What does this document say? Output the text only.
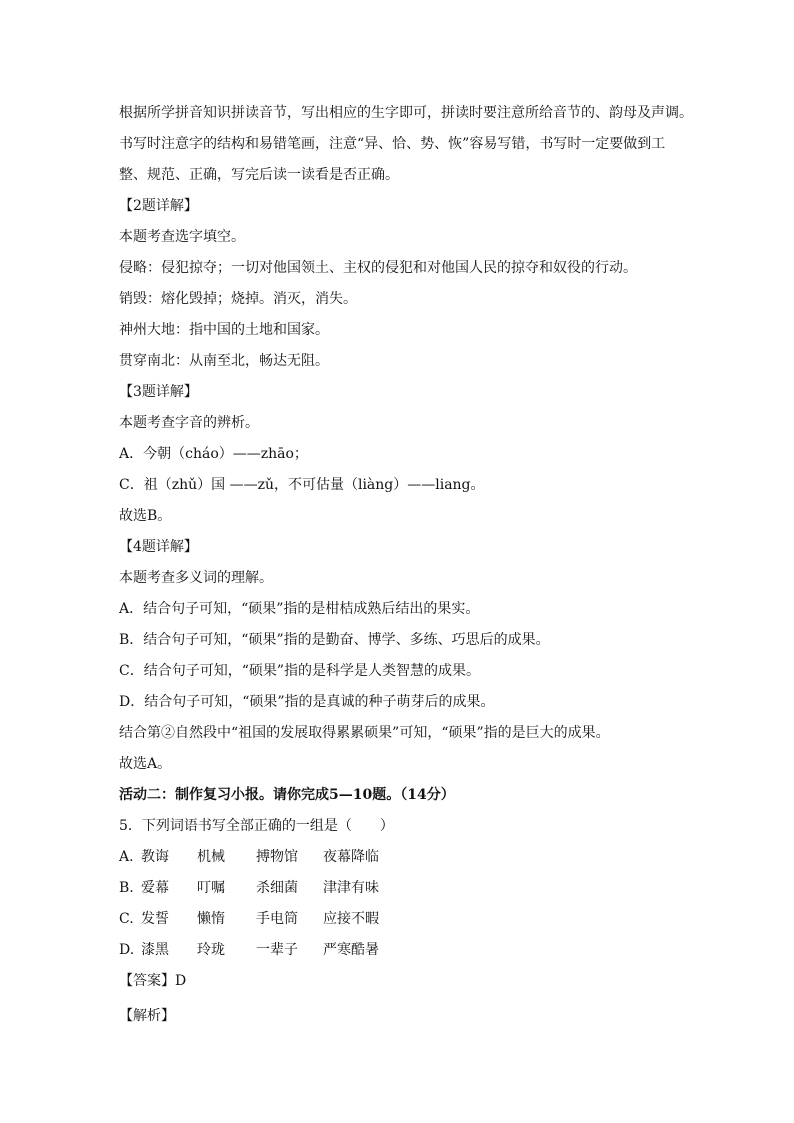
根据所学拼音知识拼读音节，写出相应的生字即可，拼读时要注意所给音节的、韵母及声调。
书写时注意字的结构和易错笔画，注意“异、恰、势、恢”容易写错，书写时一定要做到工
整、规范、正确，写完后读一读看是否正确。
【2题详解】
本题考查选字填空。
侵略：侵犯掠夺；一切对他国领土、主权的侵犯和对他国人民的掠夺和奴役的行动。
销毁：熔化毁掉；烧掉。消灭，消失。
神州大地：指中国的土地和国家。
贯穿南北：从南至北，畅达无阻。
【3题详解】
本题考查字音的辨析。
A．今朝（cháo）——zhāo；
C．祖（zhǔ）国 ——zǔ，不可估量（liàng）——liang。
故选B。
【4题详解】
本题考查多义词的理解。
A．结合句子可知，“硕果”指的是柑桔成熟后结出的果实。
B．结合句子可知，“硕果”指的是勤奋、博学、多练、巧思后的成果。
C．结合句子可知，“硕果”指的是科学是人类智慧的成果。
D．结合句子可知，“硕果”指的是真诚的种子萌芽后的成果。
结合第②自然段中“祖国的发展取得累累硕果”可知，“硕果”指的是巨大的成果。
故选A。
活动二：制作复习小报。请你完成5—10题。（14分）
5．下列词语书写全部正确的一组是（　　）
A. 教诲 机械 搏物馆 夜幕降临
B. 爱幕 叮嘱 杀细菌 津津有味
C. 发誓 懒惰 手电筒 应接不暇
D. 漆黑 玲珑 一辈子 严寒酷暑
【答案】D
【解析】
